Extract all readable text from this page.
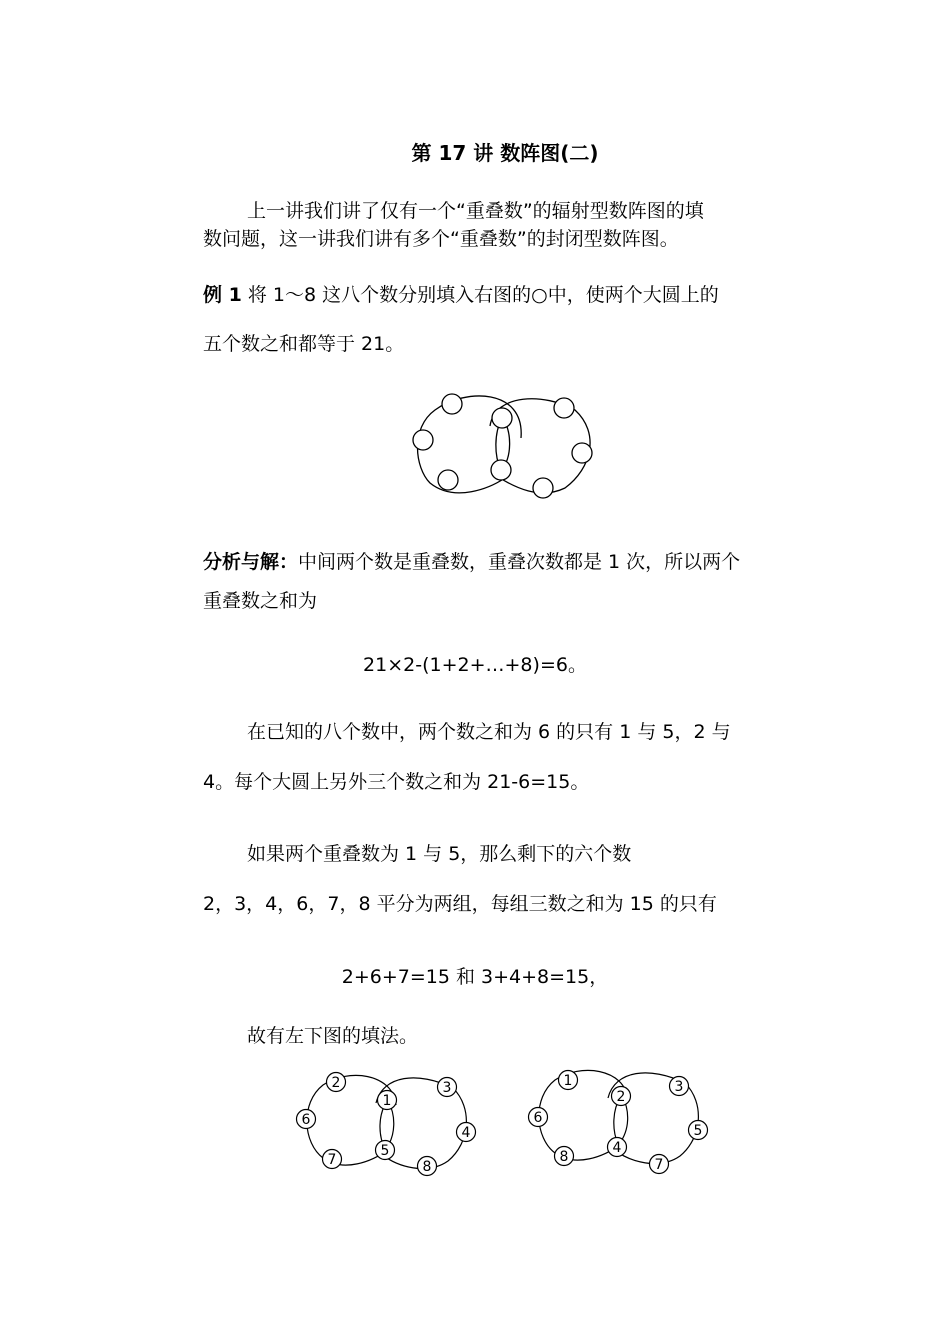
第 17 讲 数阵图(二)
上一讲我们讲了仅有一个“重叠数”的辐射型数阵图的填
数问题，这一讲我们讲有多个“重叠数”的封闭型数阵图。
例 1 将 1～8 这八个数分别填入右图的○中，使两个大圆上的
五个数之和都等于 21。
分析与解：中间两个数是重叠数，重叠次数都是 1 次，所以两个
重叠数之和为
21×2-(1+2+…+8)=6。
在已知的八个数中，两个数之和为 6 的只有 1 与 5，2 与
4。每个大圆上另外三个数之和为 21-6=15。
如果两个重叠数为 1 与 5，那么剩下的六个数
2，3，4，6，7，8 平分为两组，每组三数之和为 15 的只有
2+6+7=15 和 3+4+8=15，
故有左下图的填法。
2
6
7
1
5
3
4
8
1
6
8
2
4
3
5
7
